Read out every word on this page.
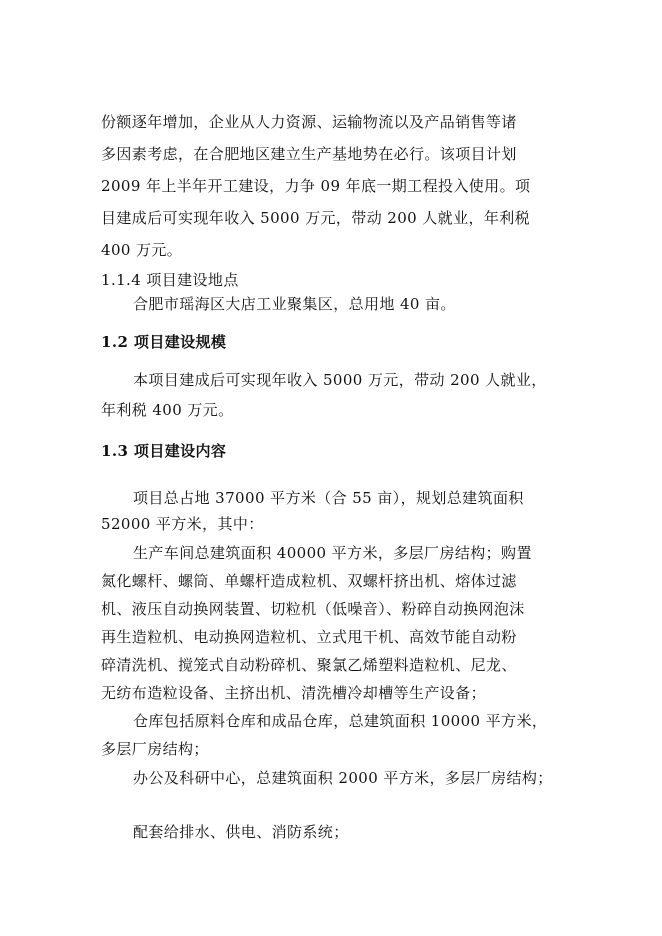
份额逐年增加，企业从人力资源、运输物流以及产品销售等诸
多因素考虑，在合肥地区建立生产基地势在必行。该项目计划
2009 年上半年开工建设，力争 09 年底一期工程投入使用。项
目建成后可实现年收入 5000 万元，带动 200 人就业，年利税
400 万元。
1.1.4 项目建设地点
合肥市瑶海区大店工业聚集区，总用地 40 亩。
1.2 项目建设规模
本项目建成后可实现年收入 5000 万元，带动 200 人就业，
年利税 400 万元。
1.3 项目建设内容
项目总占地 37000 平方米（合 55 亩），规划总建筑面积
52000 平方米，其中：
生产车间总建筑面积 40000 平方米，多层厂房结构；购置
氮化螺杆、螺筒、单螺杆造成粒机、双螺杆挤出机、熔体过滤
机、液压自动换网装置、切粒机（低噪音）、粉碎自动换网泡沫
再生造粒机、电动换网造粒机、立式甩干机、高效节能自动粉
碎清洗机、搅笼式自动粉碎机、聚氯乙烯塑料造粒机、尼龙、
无纺布造粒设备、主挤出机、清洗槽冷却槽等生产设备；
仓库包括原料仓库和成品仓库，总建筑面积 10000 平方米，
多层厂房结构；
办公及科研中心，总建筑面积 2000 平方米，多层厂房结构；
配套给排水、供电、消防系统；
